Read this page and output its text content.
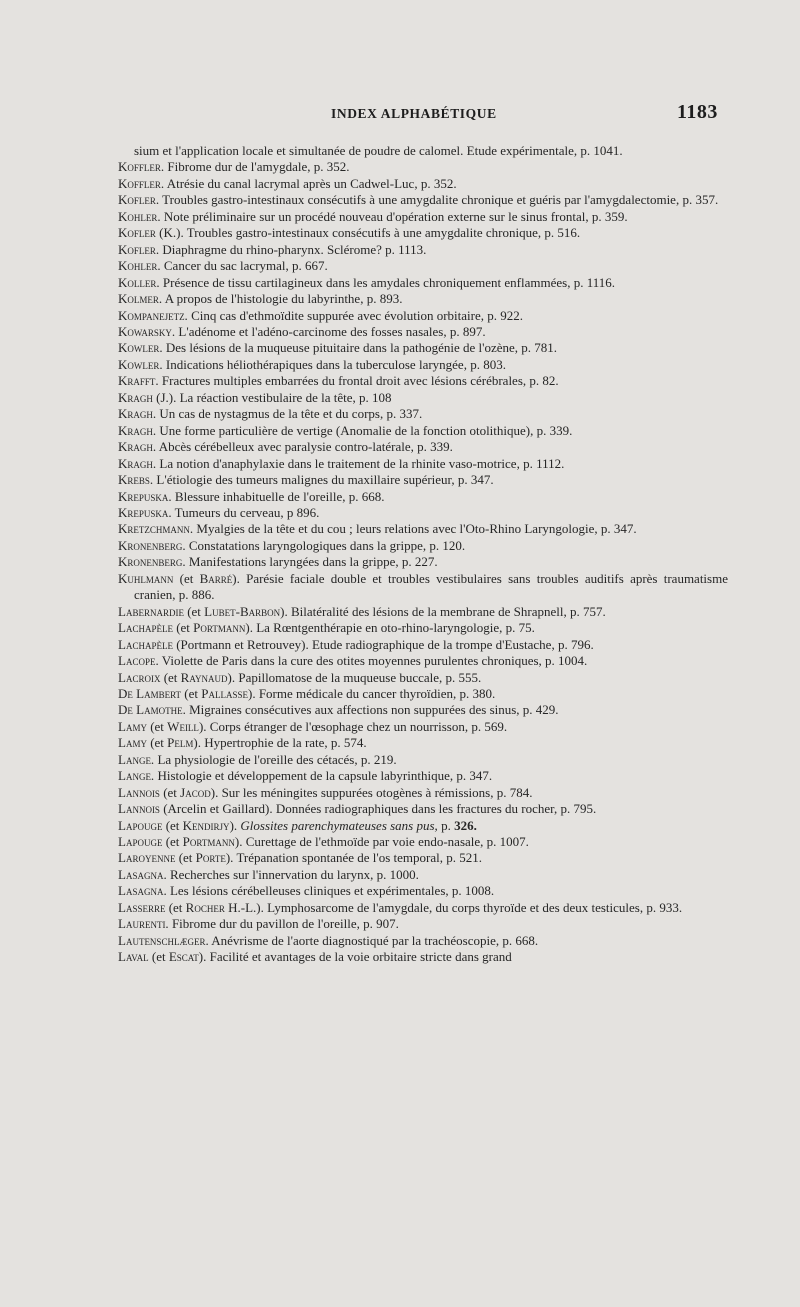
INDEX ALPHABÉTIQUE	1183
sium et l'application locale et simultanée de poudre de calomel. Etude expérimentale, p. 1041.
Koffler. Fibrome dur de l'amygdale, p. 352.
Koffler. Atrésie du canal lacrymal après un Cadwel-Luc, p. 352.
Kofler. Troubles gastro-intestinaux consécutifs à une amygdalite chronique et guéris par l'amygdalectomie, p. 357.
Kohler. Note préliminaire sur un procédé nouveau d'opération externe sur le sinus frontal, p. 359.
Kofler (K.). Troubles gastro-intestinaux consécutifs à une amygdalite chronique, p. 516.
Kofler. Diaphragme du rhino-pharynx. Sclérome? p. 1113.
Kohler. Cancer du sac lacrymal, p. 667.
Koller. Présence de tissu cartilagineux dans les amydales chroniquement enflammées, p. 1116.
Kolmer. A propos de l'histologie du labyrinthe, p. 893.
Kompanejetz. Cinq cas d'ethmoïdite suppurée avec évolution orbitaire, p. 922.
Kowarsky. L'adénome et l'adéno-carcinome des fosses nasales, p. 897.
Kowler. Des lésions de la muqueuse pituitaire dans la pathogénie de l'ozène, p. 781.
Kowler. Indications héliothérapiques dans la tuberculose laryngée, p. 803.
Krafft. Fractures multiples embarrées du frontal droit avec lésions cérébrales, p. 82.
Kragh (J.). La réaction vestibulaire de la tête, p. 108
Kragh. Un cas de nystagmus de la tête et du corps, p. 337.
Kragh. Une forme particulière de vertige (Anomalie de la fonction otolithique), p. 339.
Kragh. Abcès cérébelleux avec paralysie contro-latérale, p. 339.
Kragh. La notion d'anaphylaxie dans le traitement de la rhinite vaso-motrice, p. 1112.
Krebs. L'étiologie des tumeurs malignes du maxillaire supérieur, p. 347.
Krepuska. Blessure inhabituelle de l'oreille, p. 668.
Krepuska. Tumeurs du cerveau, p 896.
Kretzchmann. Myalgies de la tête et du cou ; leurs relations avec l'Oto-Rhino Laryngologie, p. 347.
Kronenberg. Constatations laryngologiques dans la grippe, p. 120.
Kronenberg. Manifestations laryngées dans la grippe, p. 227.
Kuhlmann (et Barré). Parésie faciale double et troubles vestibulaires sans troubles auditifs après traumatisme cranien, p. 886.
Labernardie (et Lubet-Barbon). Bilatéralité des lésions de la membrane de Shrapnell, p. 757.
Lachapèle (et Portmann). La Rœntgenthérapie en oto-rhino-laryngologie, p. 75.
Lachapèle (Portmann et Retrouvey). Etude radiographique de la trompe d'Eustache, p. 796.
Lacope. Violette de Paris dans la cure des otites moyennes purulentes chroniques, p. 1004.
Lacroix (et Raynaud). Papillomatose de la muqueuse buccale, p. 555.
De Lambert (et Pallasse). Forme médicale du cancer thyroïdien, p. 380.
De Lamothe. Migraines consécutives aux affections non suppurées des sinus, p. 429.
Lamy (et Weill). Corps étranger de l'œsophage chez un nourrisson, p. 569.
Lamy (et Pelm). Hypertrophie de la rate, p. 574.
Lange. La physiologie de l'oreille des cétacés, p. 219.
Lange. Histologie et développement de la capsule labyrinthique, p. 347.
Lannois (et Jacod). Sur les méningites suppurées otogènes à rémissions, p. 784.
Lannois (Arcelin et Gaillard). Données radiographiques dans les fractures du rocher, p. 795.
Lapouge (et Kendirjy). Glossites parenchymateuses sans pus, p. 326.
Lapouge (et Portmann). Curettage de l'ethmoïde par voie endo-nasale, p. 1007.
Laroyenne (et Porte). Trépanation spontanée de l'os temporal, p. 521.
Lasagna. Recherches sur l'innervation du larynx, p. 1000.
Lasagna. Les lésions cérébelleuses cliniques et expérimentales, p. 1008.
Lasserre (et Rocher H.-L.). Lymphosarcome de l'amygdale, du corps thyroïde et des deux testicules, p. 933.
Laurenti. Fibrome dur du pavillon de l'oreille, p. 907.
Lautenschlæger. Anévrisme de l'aorte diagnostiqué par la trachéoscopie, p. 668.
Laval (et Escat). Facilité et avantages de la voie orbitaire stricte dans grand
